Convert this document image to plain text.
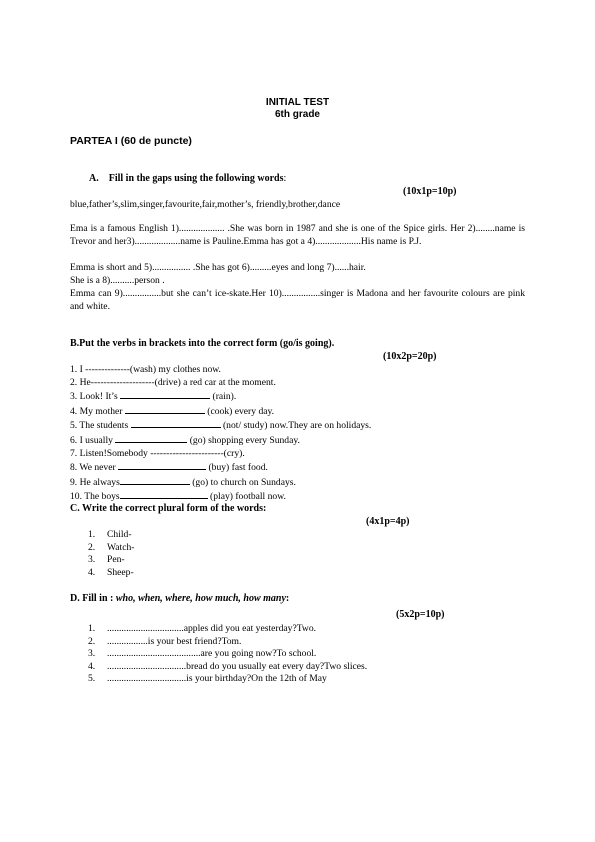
INITIAL TEST
6th grade
PARTEA I (60 de puncte)
A. Fill in the gaps using the following words:
(10x1p=10p)
blue,father’s,slim,singer,favourite,fair,mother’s, friendly,brother,dance
Ema is a famous English 1)................... .She was born in 1987 and she is one of the Spice girls. Her 2)........name is Trevor and her3)...................name is Pauline.Emma has got a 4)...................His name is P.J.
Emma is short and 5)................ .She has got 6).........eyes and long 7)......hair.
She is a 8)..........person .
Emma can 9)................but she can’t ice-skate.Her 10)................singer is Madona and her favourite colours are pink and white.
B.Put the verbs in brackets into the correct form (go/is going).
(10x2p=20p)
1. I --------------(wash) my clothes now.
2. He--------------------(drive) a red car at the moment.
3. Look! It’s	(rain).
4. My mother	(cook) every day.
5. The students	(not/ study) now.They are on holidays.
6. I usually	(go) shopping every Sunday.
7. Listen!Somebody -----------------------(cry).
8. We never	(buy) fast food.
9. He always	(go) to church on Sundays.
10. The boys	(play) football now.
C. Write the correct plural form of the words:
(4x1p=4p)
1. Child-
2. Watch-
3. Pen-
4. Sheep-
D. Fill in : who, when, where, how much, how many:
(5x2p=10p)
1. ................................apples did you eat yesterday?Two.
2. .................is your best friend?Tom.
3. .......................................are you going now?To school.
4. .................................bread do you usually eat every day?Two slices.
5. .................................is your birthday?On the 12th of May
